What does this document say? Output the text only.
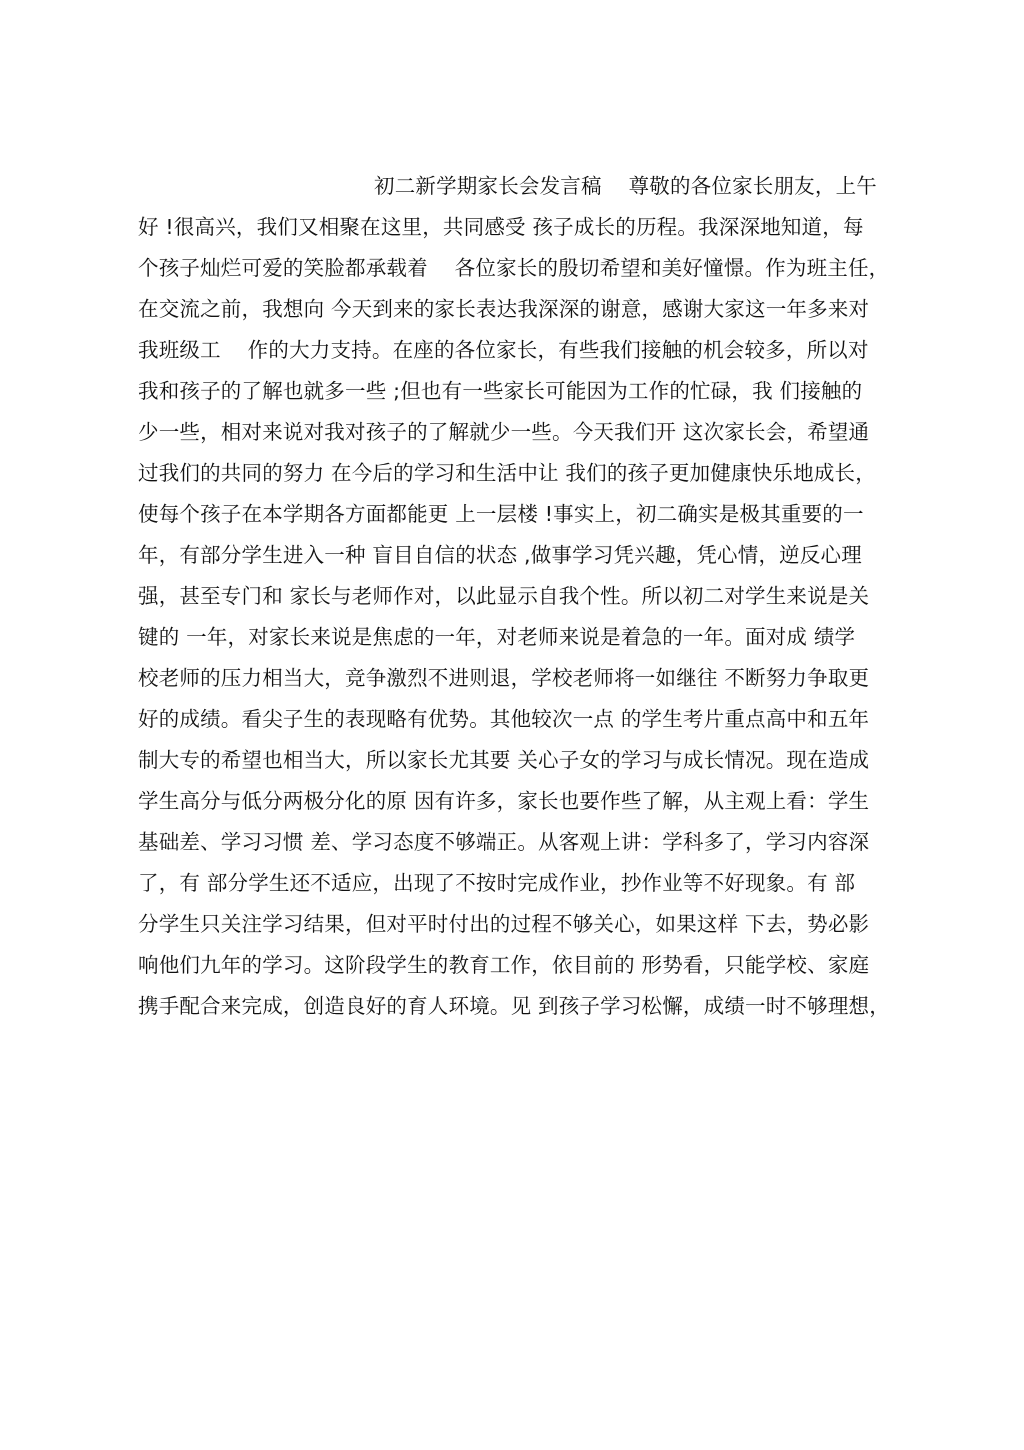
初二新学期家长会发言稿    尊敬的各位家长朋友，上午
好 !很高兴，我们又相聚在这里，共同感受 孩子成长的历程。我深深地知道，每
个孩子灿烂可爱的笑脸都承载着    各位家长的殷切希望和美好憧憬。作为班主任，
在交流之前，我想向 今天到来的家长表达我深深的谢意，感谢大家这一年多来对
我班级工    作的大力支持。在座的各位家长，有些我们接触的机会较多，所以对
我和孩子的了解也就多一些 ;但也有一些家长可能因为工作的忙碌，我 们接触的
少一些，相对来说对我对孩子的了解就少一些。今天我们开 这次家长会，希望通
过我们的共同的努力 在今后的学习和生活中让 我们的孩子更加健康快乐地成长，
使每个孩子在本学期各方面都能更 上一层楼 !事实上，初二确实是极其重要的一
年，有部分学生进入一种 盲目自信的状态 ,做事学习凭兴趣，凭心情，逆反心理
强，甚至专门和 家长与老师作对，以此显示自我个性。所以初二对学生来说是关
键的 一年，对家长来说是焦虑的一年，对老师来说是着急的一年。面对成 绩学
校老师的压力相当大，竞争激烈不进则退，学校老师将一如继往 不断努力争取更
好的成绩。看尖子生的表现略有优势。其他较次一点 的学生考片重点高中和五年
制大专的希望也相当大，所以家长尤其要 关心子女的学习与成长情况。现在造成
学生高分与低分两极分化的原 因有许多，家长也要作些了解，从主观上看：学生
基础差、学习习惯 差、学习态度不够端正。从客观上讲：学科多了，学习内容深
了，有 部分学生还不适应，出现了不按时完成作业，抄作业等不好现象。有 部
分学生只关注学习结果，但对平时付出的过程不够关心，如果这样 下去，势必影
响他们九年的学习。这阶段学生的教育工作，依目前的 形势看，只能学校、家庭
携手配合来完成，创造良好的育人环境。见 到孩子学习松懈，成绩一时不够理想，
